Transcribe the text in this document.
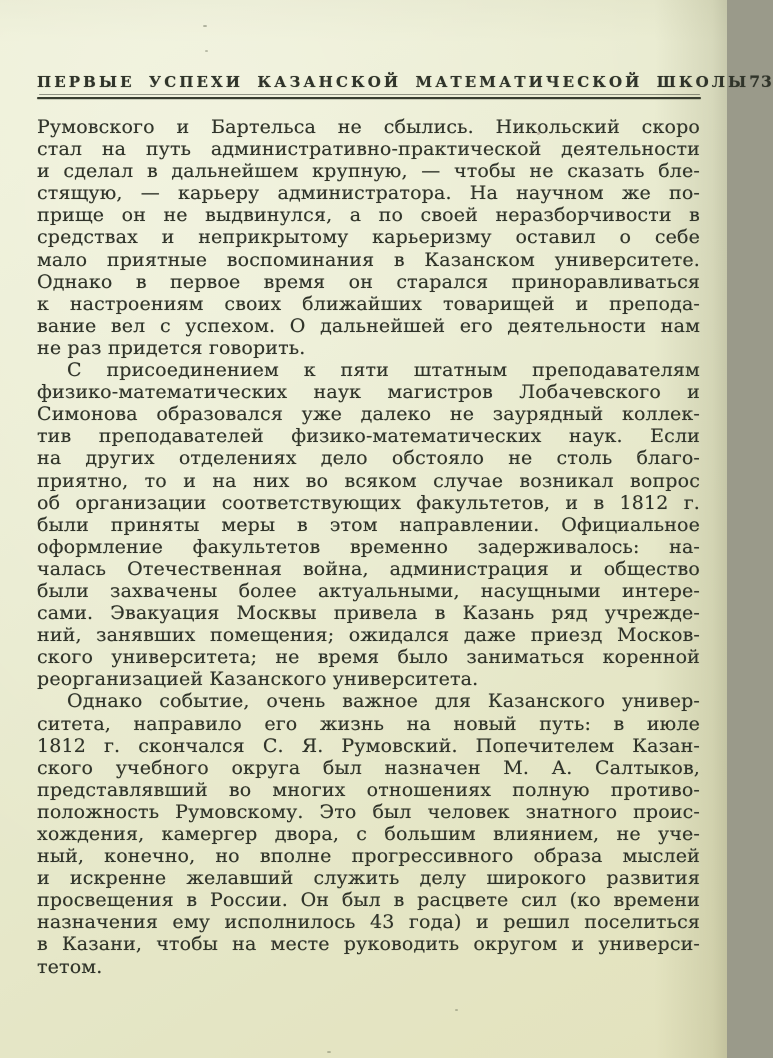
ПЕРВЫЕ УСПЕХИ КАЗАНСКОЙ МАТЕМАТИЧЕСКОЙ ШКОЛЫ 73
Румовского и Бартельса не сбылись. Никольский скоро
стал на путь административно-практической деятельности
и сделал в дальнейшем крупную, — чтобы не сказать бле-
стящую, — карьеру администратора. На научном же по-
прище он не выдвинулся, а по своей неразборчивости в
средствах и неприкрытому карьеризму оставил о себе
мало приятные воспоминания в Казанском университете.
Однако в первое время он старался приноравливаться
к настроениям своих ближайших товарищей и препода-
вание вел с успехом. О дальнейшей его деятельности нам
не раз придется говорить.
С присоединением к пяти штатным преподавателям
физико-математических наук магистров Лобачевского и
Симонова образовался уже далеко не заурядный коллек-
тив преподавателей физико-математических наук. Если
на других отделениях дело обстояло не столь благо-
приятно, то и на них во всяком случае возникал вопрос
об организации соответствующих факультетов, и в 1812 г.
были приняты меры в этом направлении. Официальное
оформление факультетов временно задерживалось: на-
чалась Отечественная война, администрация и общество
были захвачены более актуальными, насущными интере-
сами. Эвакуация Москвы привела в Казань ряд учрежде-
ний, занявших помещения; ожидался даже приезд Москов-
ского университета; не время было заниматься коренной
реорганизацией Казанского университета.
Однако событие, очень важное для Казанского универ-
ситета, направило его жизнь на новый путь: в июле
1812 г. скончался С. Я. Румовский. Попечителем Казан-
ского учебного округа был назначен М. А. Салтыков,
представлявший во многих отношениях полную противо-
положность Румовскому. Это был человек знатного проис-
хождения, камергер двора, с большим влиянием, не уче-
ный, конечно, но вполне прогрессивного образа мыслей
и искренне желавший служить делу широкого развития
просвещения в России. Он был в расцвете сил (ко времени
назначения ему исполнилось 43 года) и решил поселиться
в Казани, чтобы на месте руководить округом и универси-
тетом.
